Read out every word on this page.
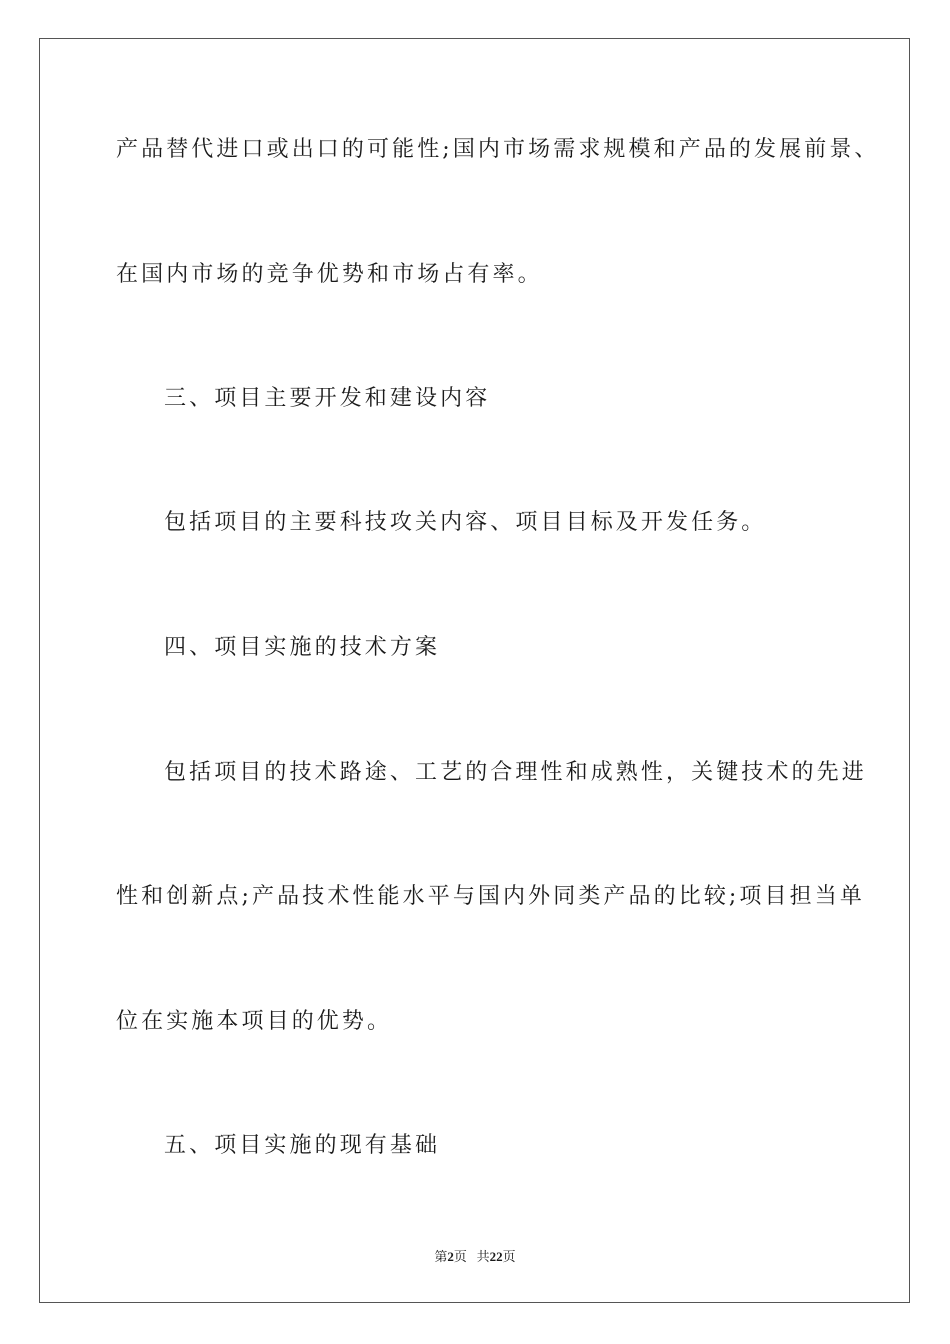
产品替代进口或出口的可能性;国内市场需求规模和产品的发展前景、
在国内市场的竞争优势和市场占有率。
三、项目主要开发和建设内容
包括项目的主要科技攻关内容、项目目标及开发任务。
四、项目实施的技术方案
包括项目的技术路途、工艺的合理性和成熟性，关键技术的先进
性和创新点;产品技术性能水平与国内外同类产品的比较;项目担当单
位在实施本项目的优势。
五、项目实施的现有基础
第2页 共22页
